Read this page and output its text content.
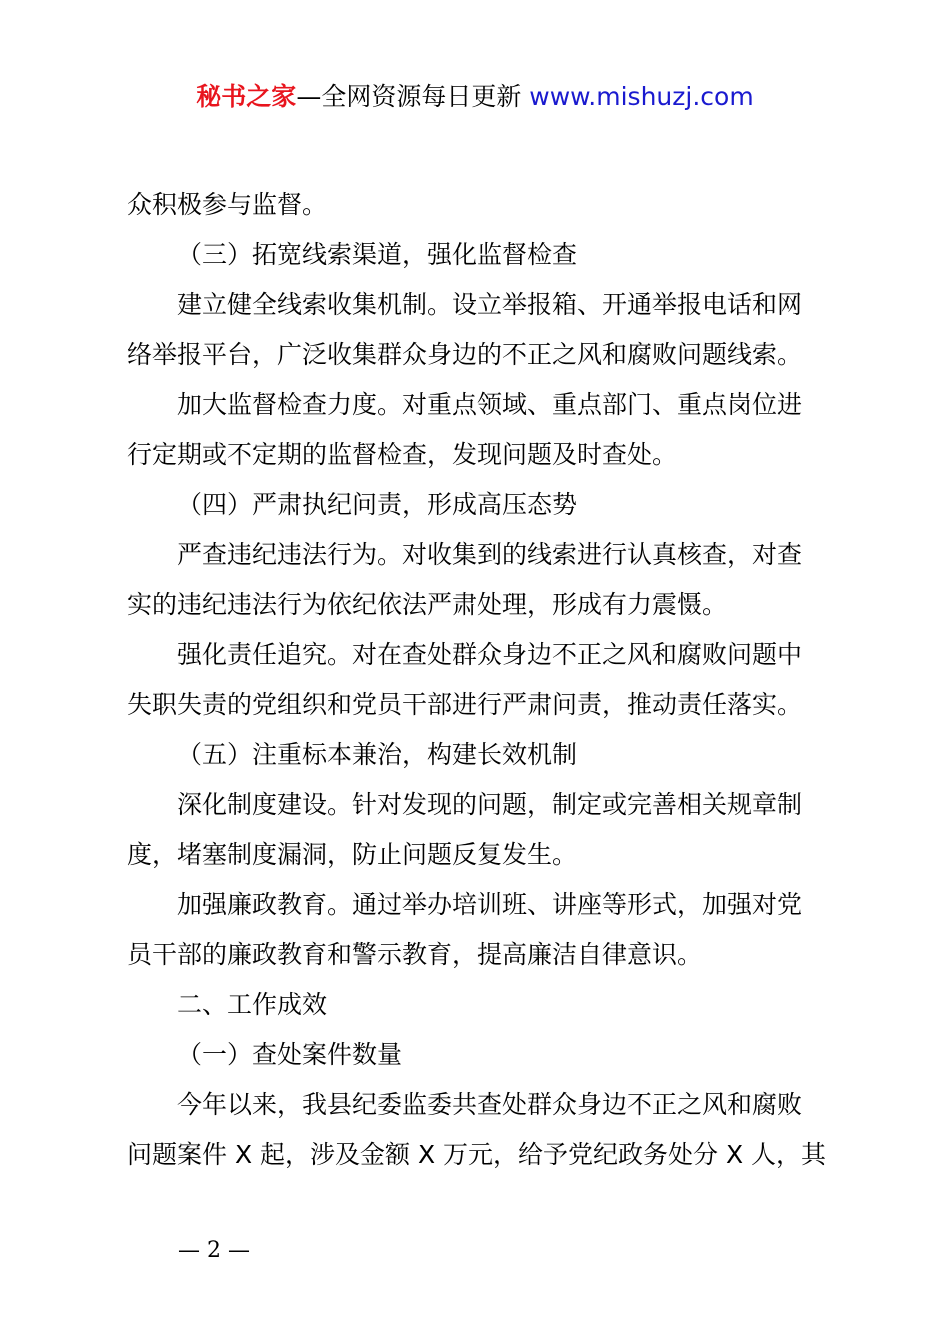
秘书之家—全网资源每日更新 www.mishuzj.com
众积极参与监督。
（三）拓宽线索渠道，强化监督检查
建立健全线索收集机制。设立举报箱、开通举报电话和网
络举报平台，广泛收集群众身边的不正之风和腐败问题线索。
加大监督检查力度。对重点领域、重点部门、重点岗位进
行定期或不定期的监督检查，发现问题及时查处。
（四）严肃执纪问责，形成高压态势
严查违纪违法行为。对收集到的线索进行认真核查，对查
实的违纪违法行为依纪依法严肃处理，形成有力震慑。
强化责任追究。对在查处群众身边不正之风和腐败问题中
失职失责的党组织和党员干部进行严肃问责，推动责任落实。
（五）注重标本兼治，构建长效机制
深化制度建设。针对发现的问题，制定或完善相关规章制
度，堵塞制度漏洞，防止问题反复发生。
加强廉政教育。通过举办培训班、讲座等形式，加强对党
员干部的廉政教育和警示教育，提高廉洁自律意识。
二、工作成效
（一）查处案件数量
今年以来，我县纪委监委共查处群众身边不正之风和腐败
问题案件 X 起，涉及金额 X 万元，给予党纪政务处分 X 人，其
— 2 —
